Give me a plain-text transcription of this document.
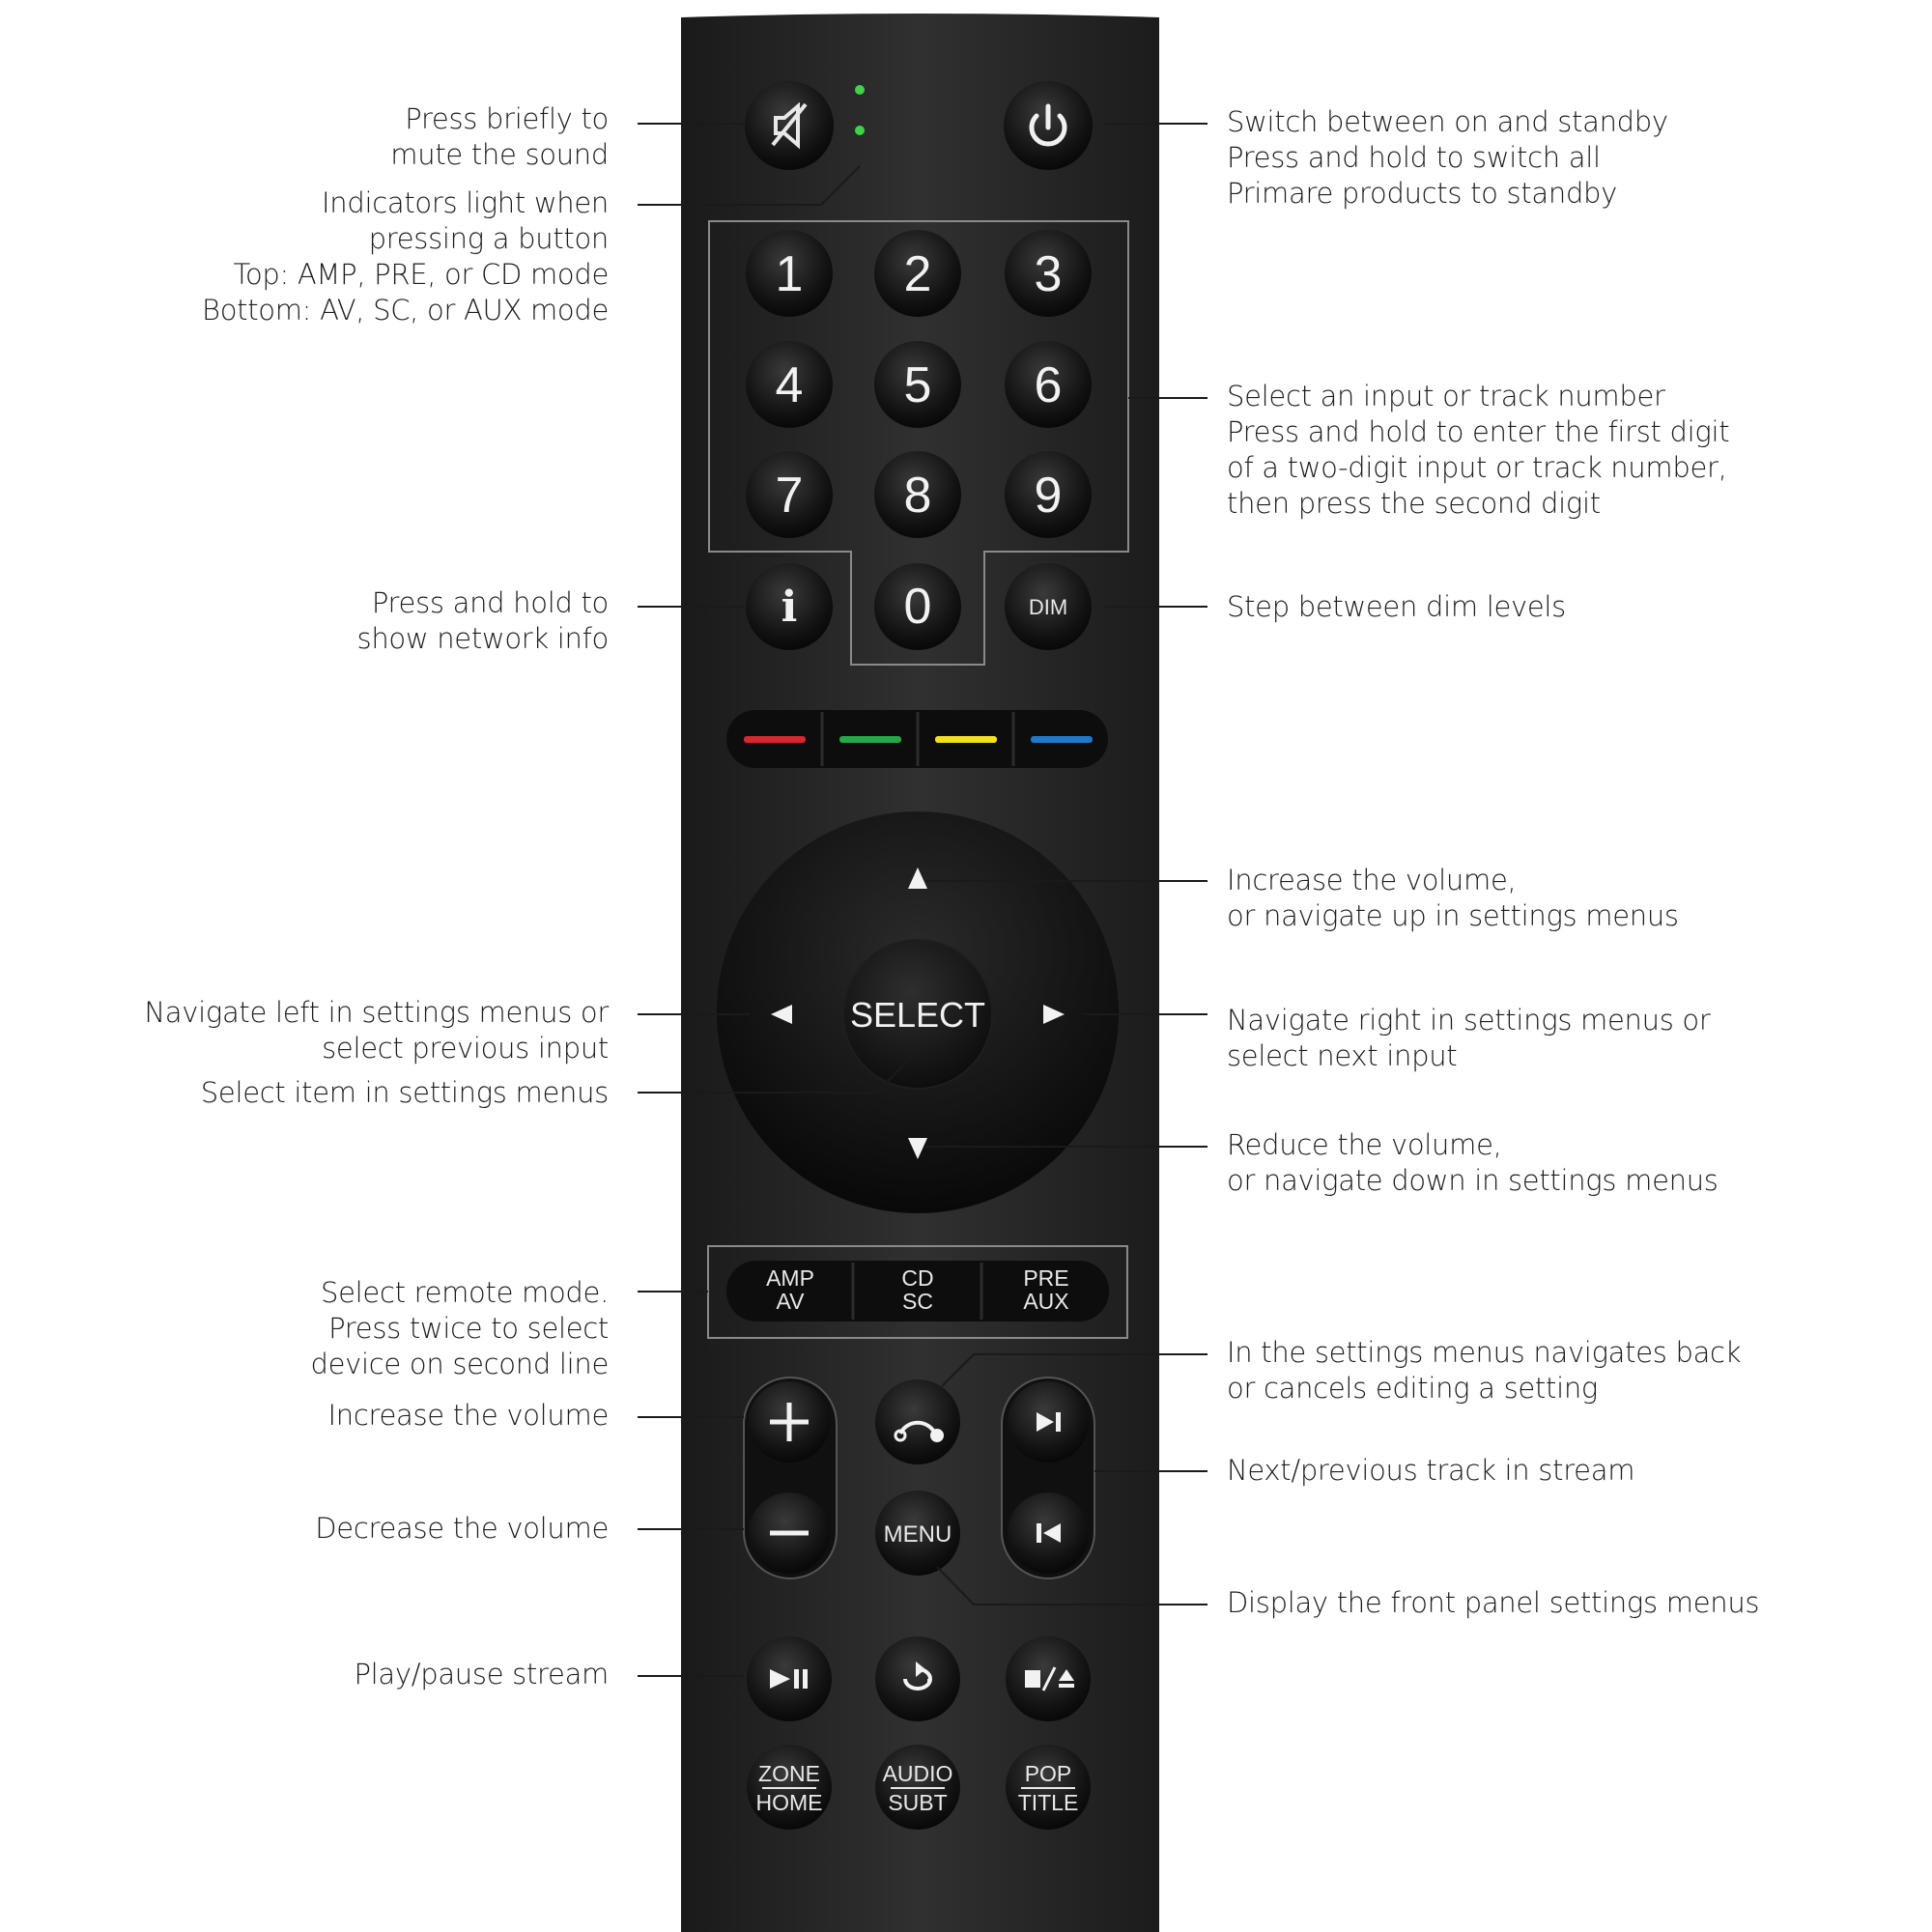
1 2 3
4 5 6
7 8 9
i 0	DIM
SELECT
AMP
AV
CD
SC
PRE
AUX
MENU
ZONE
HOME
AUDIO
SUBT
POP
TITLE
Press briefly to
mute the sound
Indicators light when
pressing a button
Top: AMP, PRE, or CD mode
Bottom: AV, SC, or AUX mode
Switch between on and standby
Press and hold to switch all
Primare products to standby
Select an input or track number
Press and hold to enter the first digit
of a two-digit input or track number,
then press the second digit
Press and hold to
show network info
Step between dim levels
Increase the volume,
or navigate up in settings menus
Navigate left in settings menus or
select previous input
Select item in settings menus
Navigate right in settings menus or
select next input
Reduce the volume,
or navigate down in settings menus
Select remote mode.
Press twice to select
device on second line	In the settings menus navigates back
or cancels editing a setting
Increase the volume
Next/previous track in stream
Decrease the volume
Display the front panel settings menus
Play/pause stream
